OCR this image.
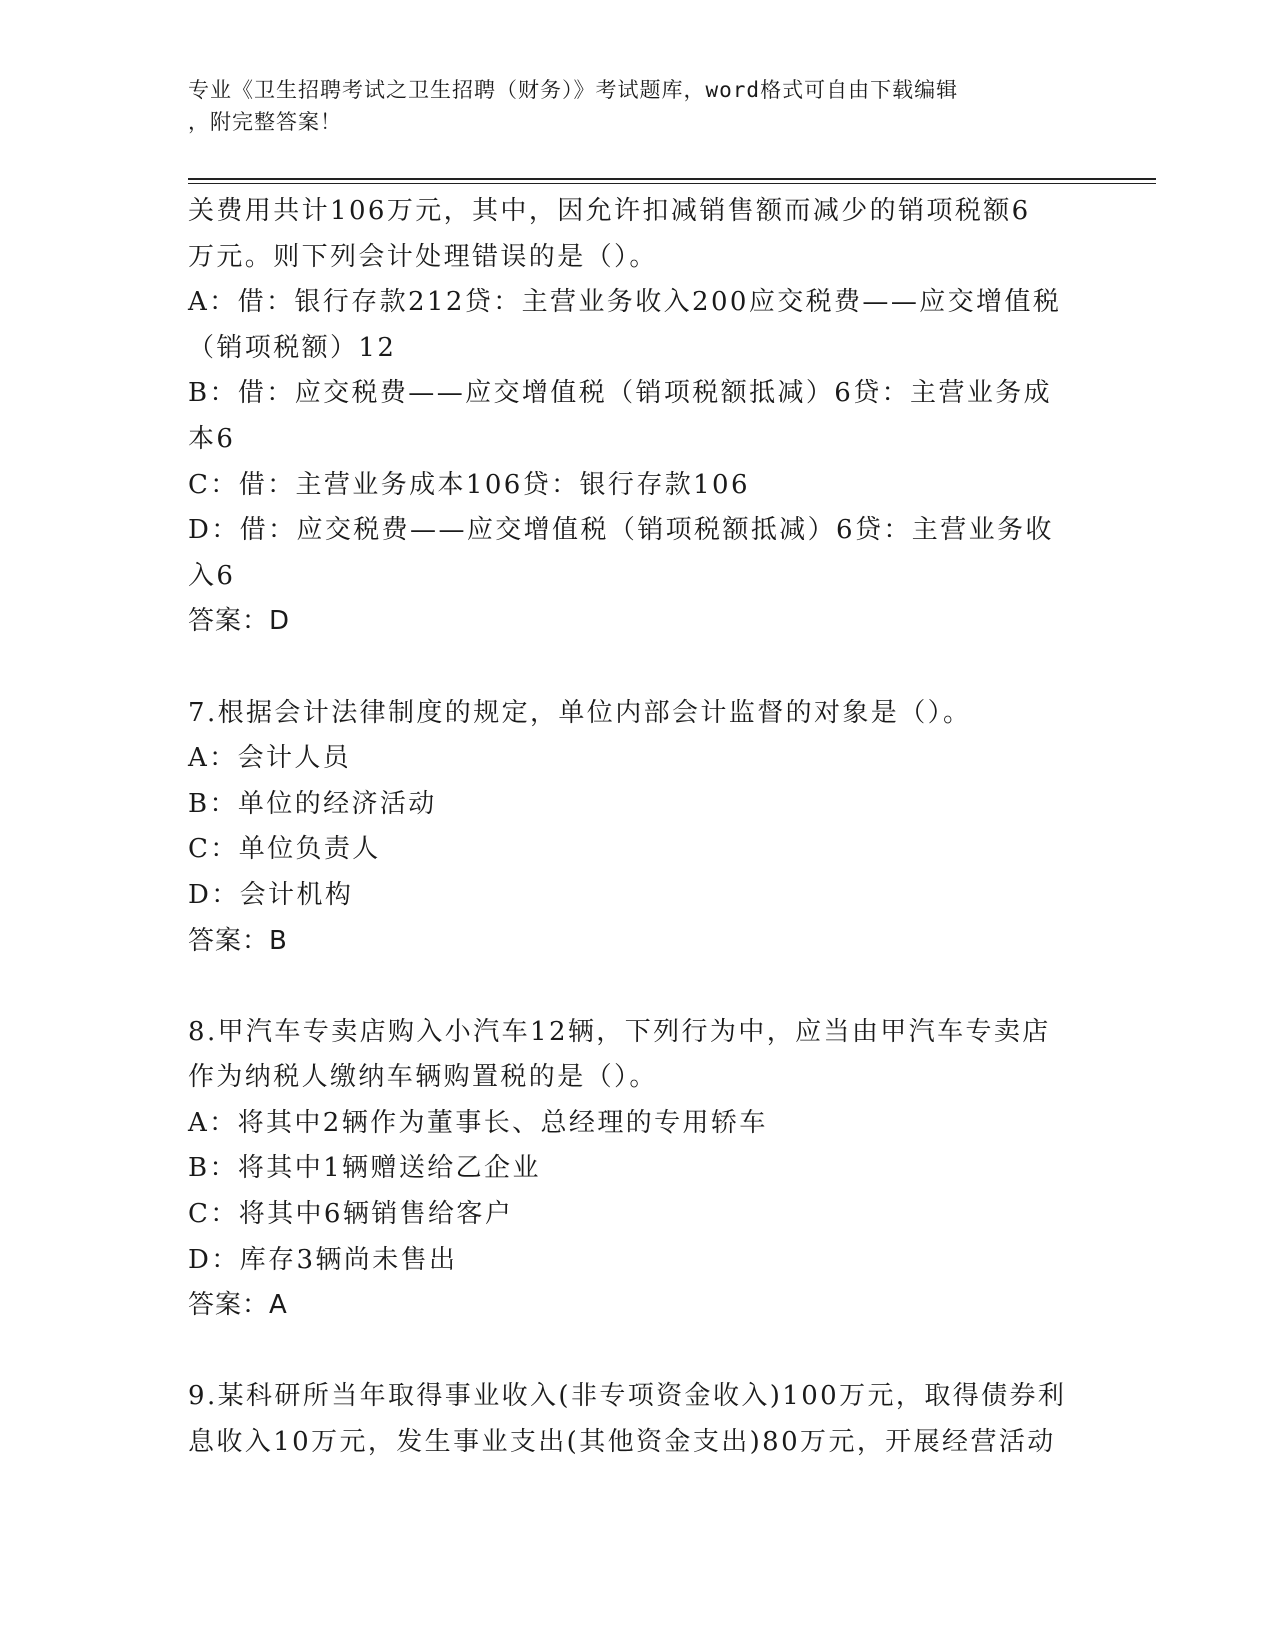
专业《卫生招聘考试之卫生招聘（财务）》考试题库，word格式可自由下载编辑
，附完整答案！
关费用共计106万元，其中，因允许扣减销售额而减少的销项税额6
万元。则下列会计处理错误的是（）。
A：借：银行存款212贷：主营业务收入200应交税费——应交增值税
（销项税额）12
B：借：应交税费——应交增值税（销项税额抵减）6贷：主营业务成
本6
C：借：主营业务成本106贷：银行存款106
D：借：应交税费——应交增值税（销项税额抵减）6贷：主营业务收
入6
答案：D
7.根据会计法律制度的规定，单位内部会计监督的对象是（）。
A：会计人员
B：单位的经济活动
C：单位负责人
D：会计机构
答案：B
8.甲汽车专卖店购入小汽车12辆，下列行为中，应当由甲汽车专卖店
作为纳税人缴纳车辆购置税的是（）。
A：将其中2辆作为董事长、总经理的专用轿车
B：将其中1辆赠送给乙企业
C：将其中6辆销售给客户
D：库存3辆尚未售出
答案：A
9.某科研所当年取得事业收入(非专项资金收入)100万元，取得债券利
息收入10万元，发生事业支出(其他资金支出)80万元，开展经营活动
